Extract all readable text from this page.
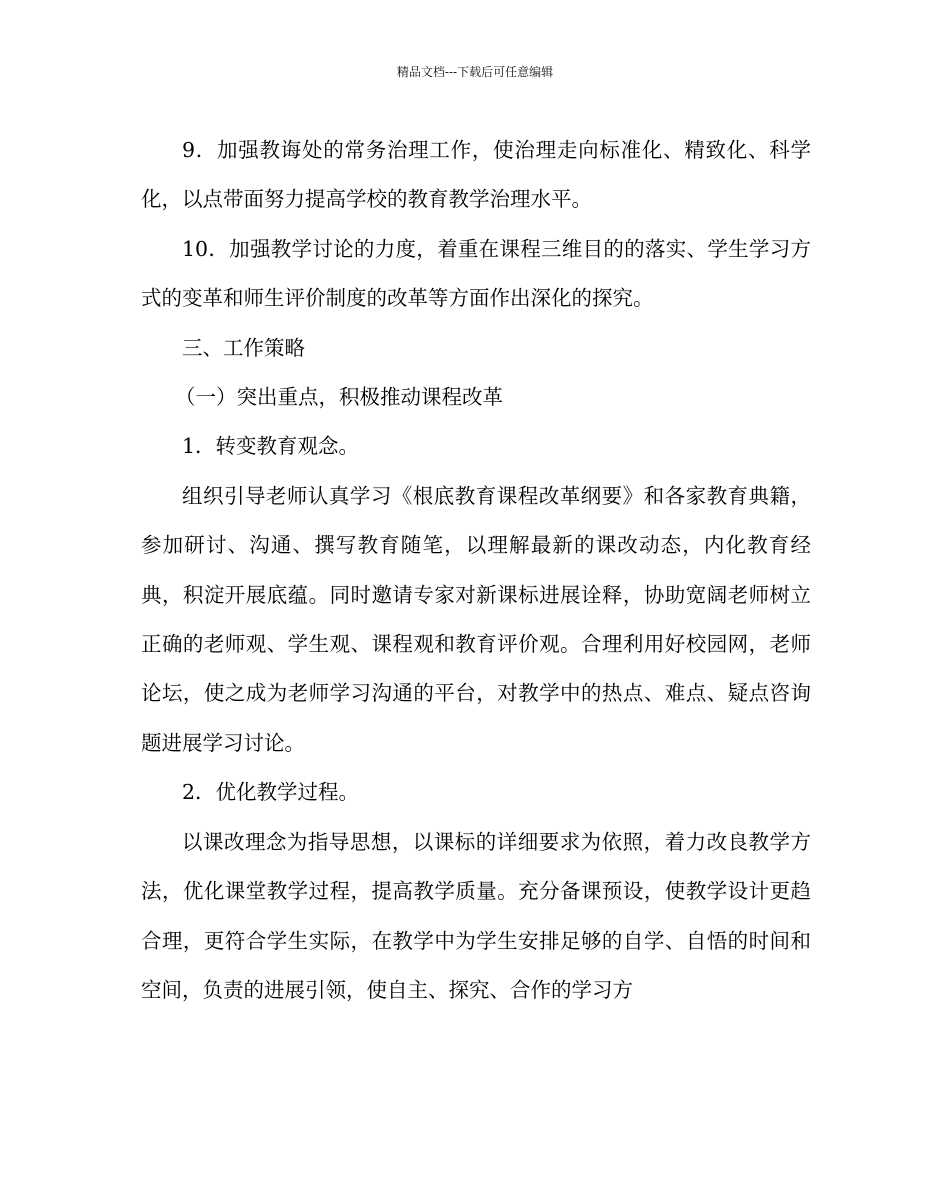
精品文档---下载后可任意编辑

9．加强教诲处的常务治理工作，使治理走向标准化、精致化、科学化，以点带面努力提高学校的教育教学治理水平。

10．加强教学讨论的力度，着重在课程三维目的的落实、学生学习方式的变革和师生评价制度的改革等方面作出深化的探究。

三、工作策略

（一）突出重点，积极推动课程改革

1．转变教育观念。

组织引导老师认真学习《根底教育课程改革纲要》和各家教育典籍，参加研讨、沟通、撰写教育随笔，以理解最新的课改动态，内化教育经典，积淀开展底蕴。同时邀请专家对新课标进展诠释，协助宽阔老师树立正确的老师观、学生观、课程观和教育评价观。合理利用好校园网，老师论坛，使之成为老师学习沟通的平台，对教学中的热点、难点、疑点咨询题进展学习讨论。

2．优化教学过程。

以课改理念为指导思想，以课标的详细要求为依照，着力改良教学方法，优化课堂教学过程，提高教学质量。充分备课预设，使教学设计更趋合理，更符合学生实际，在教学中为学生安排足够的自学、自悟的时间和空间，负责的进展引领，使自主、探究、合作的学习方
